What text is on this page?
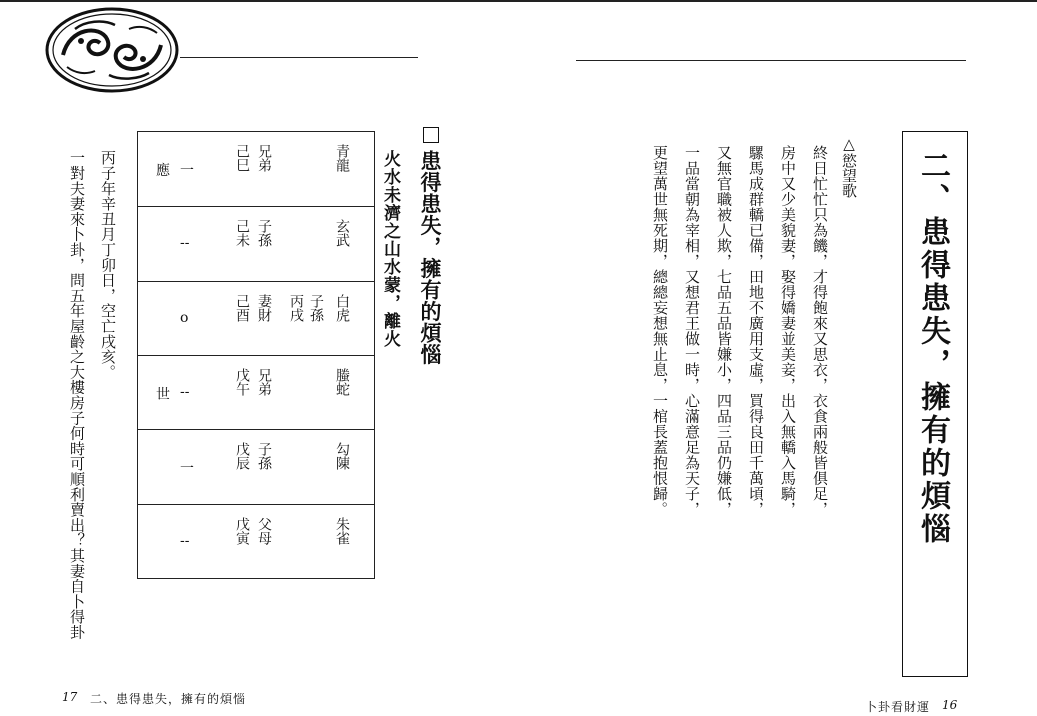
患得患失，擁有的煩惱
火水未濟之山水蒙，離火
青龍
兄弟
己巳
一
應
玄武
子孫
己未
--
白虎
子孫
丙戌
妻財
己酉
o
螣蛇
兄弟
戊午
--
世
勾陳
子孫
戊辰
一
朱雀
父母
戊寅
--
丙子年辛丑月丁卯日，空亡戌亥。
一對夫妻來卜卦，問五年屋齡之大樓房子何時可順利賣出？其妻自卜得卦
17 二、患得患失，擁有的煩惱
二、患得患失，擁有的煩惱
△慾望歌
終日忙忙只為饑，才得飽來又思衣，衣食兩般皆俱足，
房中又少美貌妻，娶得嬌妻並美妾，出入無轎入馬騎，
騾馬成群轎已備，田地不廣用支虛，買得良田千萬頃，
又無官職被人欺，七品五品皆嫌小，四品三品仍嫌低，
一品當朝為宰相，又想君王做一時，心滿意足為天子，
更望萬世無死期，總總妄想無止息，一棺長蓋抱恨歸。
卜卦看財運 16
